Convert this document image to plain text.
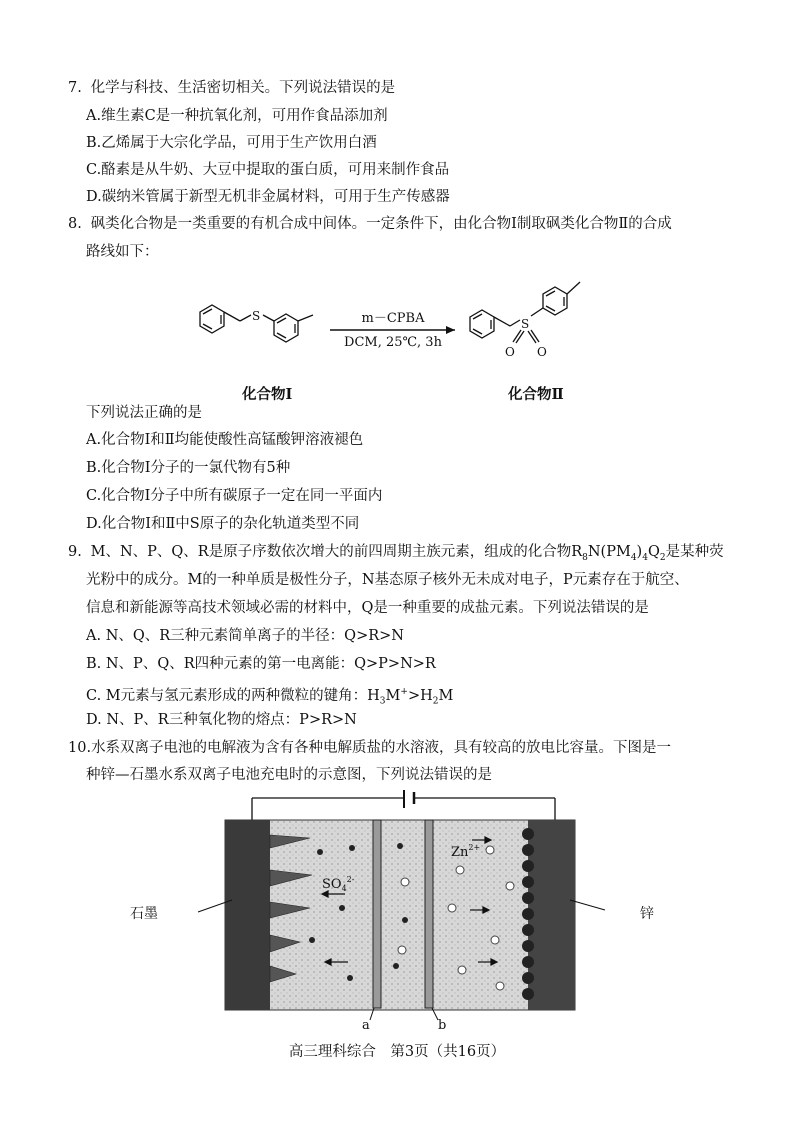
7. 化学与科技、生活密切相关。下列说法错误的是
A.维生素C是一种抗氧化剂，可用作食品添加剂
B.乙烯属于大宗化学品，可用于生产饮用白酒
C.酪素是从牛奶、大豆中提取的蛋白质，可用来制作食品
D.碳纳米管属于新型无机非金属材料，可用于生产传感器
8. 砜类化合物是一类重要的有机合成中间体。一定条件下，由化合物Ⅰ制取砜类化合物Ⅱ的合成
路线如下：
S	m－CPBA
DCM, 25℃, 3h
S
O O
化合物Ⅰ	化合物Ⅱ
下列说法正确的是
A.化合物Ⅰ和Ⅱ均能使酸性高锰酸钾溶液褪色
B.化合物Ⅰ分子的一氯代物有5种
C.化合物Ⅰ分子中所有碳原子一定在同一平面内
D.化合物Ⅰ和Ⅱ中S原子的杂化轨道类型不同
9. M、N、P、Q、R是原子序数依次增大的前四周期主族元素，组成的化合物$R_8N(PM_4)_4Q_2$是某种荧
光粉中的成分。M的一种单质是极性分子，N基态原子核外无未成对电子，P元素存在于航空、
信息和新能源等高技术领域必需的材料中，Q是一种重要的成盐元素。下列说法错误的是
A. N、Q、R三种元素简单离子的半径：Q>R>N
B. N、P、Q、R四种元素的第一电离能：Q>P>N>R
C. M元素与氢元素形成的两种微粒的键角：$H_3M^+>H_2M$
D. N、P、R三种氧化物的熔点：P>R>N
10.水系双离子电池的电解液为含有各种电解质盐的水溶液，具有较高的放电比容量。下图是一
种锌—石墨水系双离子电池充电时的示意图，下列说法错误的是
$SO_4^{2-}$
$Zn^{2+}$
石墨	锌
a	b
高三理科综合　第3页（共16页）
